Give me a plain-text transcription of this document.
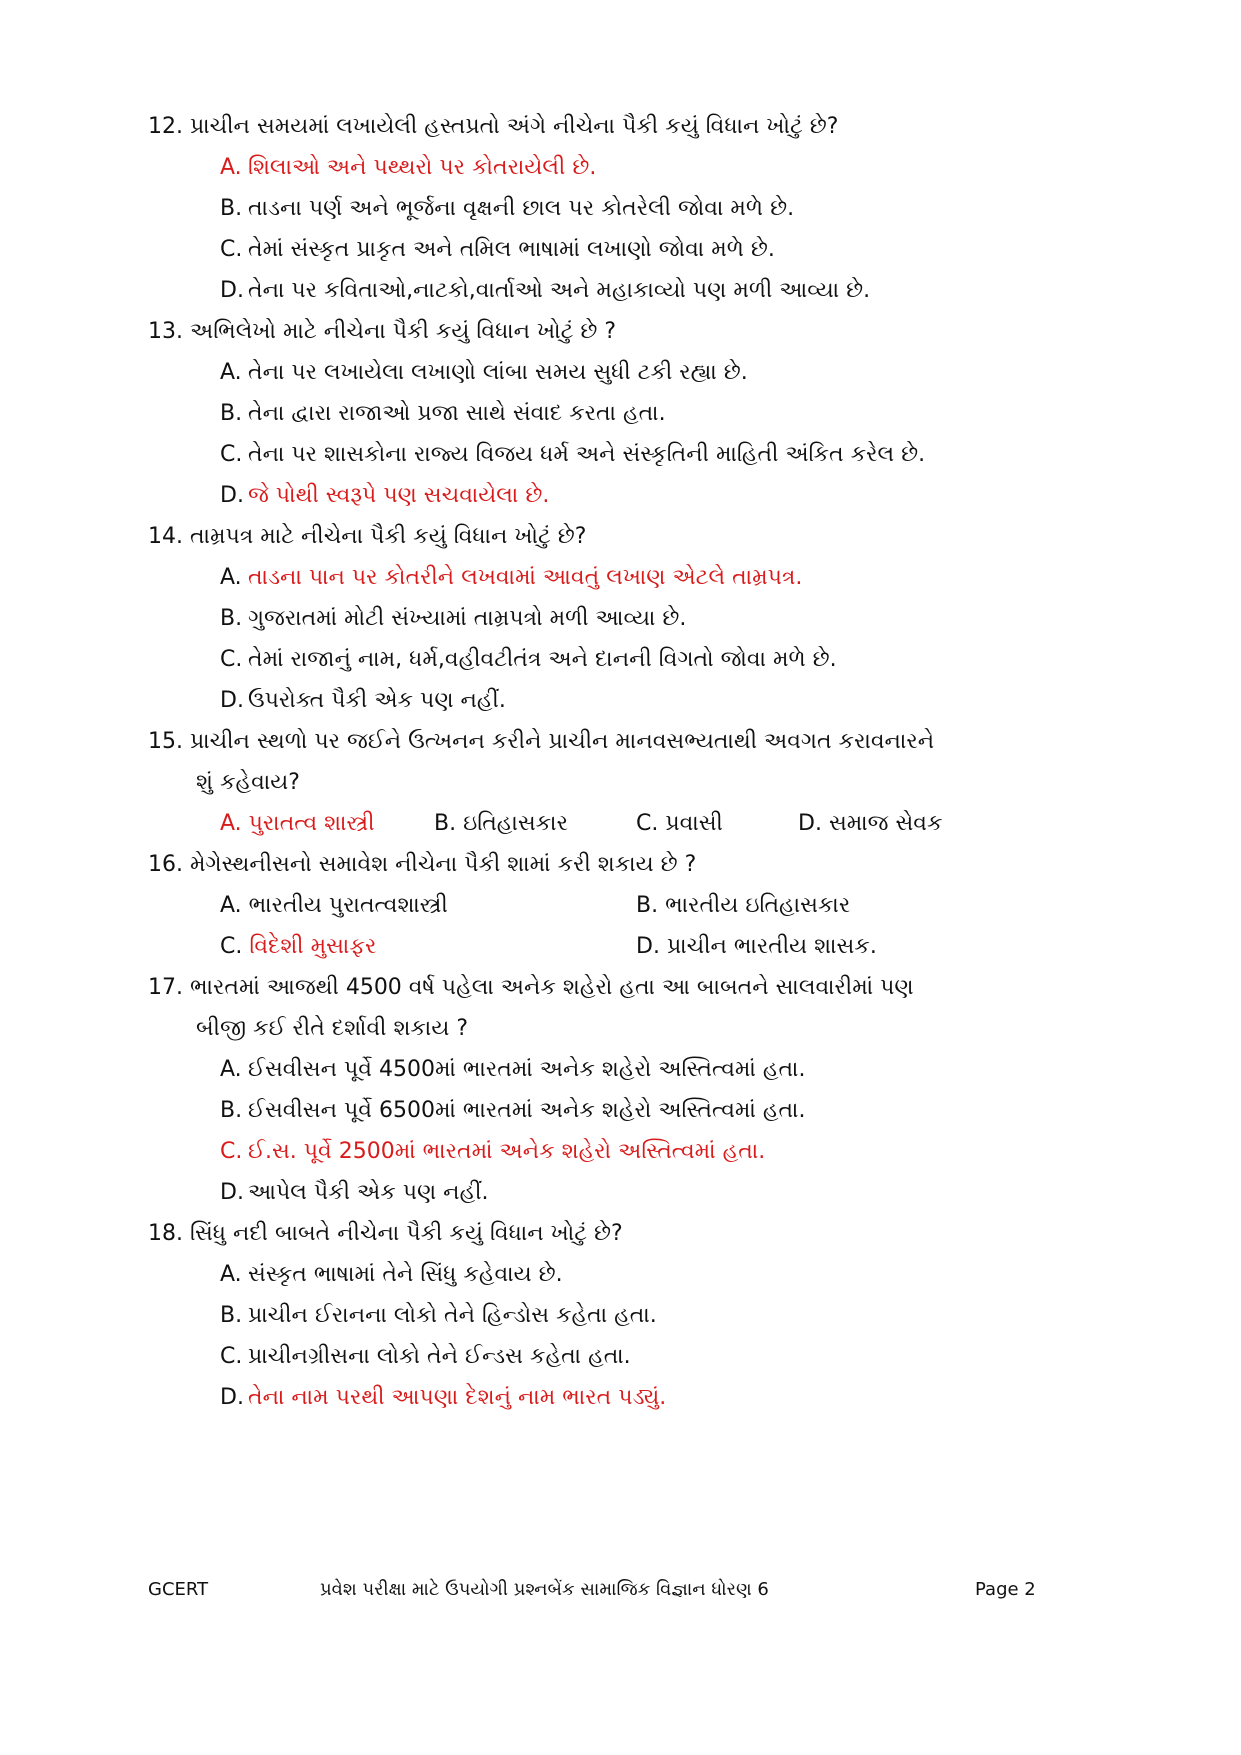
12. પ્રાચીન સમયમાં લખાયેલી હસ્તપ્રતો અંગે નીચેના પૈકી કયું વિધાન ખોટું છે?
A. શિલાઓ અને પથ્થરો પર કોતરાયેલી છે.
B. તાડના પર્ણ અને ભૂર્જના વૃક્ષની છાલ પર કોતરેલી જોવા મળે છે.
C. તેમાં સંસ્કૃત પ્રાકૃત અને તમિલ ભાષામાં લખાણો જોવા મળે છે.
D. તેના પર કવિતાઓ,નાટકો,વાર્તાઓ અને મહાકાવ્યો પણ મળી આવ્યા છે.
13. અભિલેખો માટે નીચેના પૈકી કયું વિધાન ખોટું છે ?
A. તેના પર લખાયેલા લખાણો લાંબા સમય સુધી ટકી રહ્યા છે.
B. તેના દ્વારા રાજાઓ પ્રજા સાથે સંવાદ કરતા હતા.
C. તેના પર શાસકોના રાજ્ય વિજય ધર્મ અને સંસ્કૃતિની માહિતી અંકિત કરેલ છે.
D. જે પોથી સ્વરૂપે પણ સચવાયેલા છે.
14. તામ્રપત્ર માટે નીચેના પૈકી કયું વિધાન ખોટું છે?
A. તાડના પાન પર કોતરીને લખવામાં આવતું લખાણ એટલે તામ્રપત્ર.
B. ગુજરાતમાં મોટી સંખ્યામાં તામ્રપત્રો મળી આવ્યા છે.
C. તેમાં રાજાનું નામ, ધર્મ,વહીવટીતંત્ર અને દાનની વિગતો જોવા મળે છે.
D. ઉપરોક્ત પૈકી એક પણ નહીં.
15. પ્રાચીન સ્થળો પર જઈને ઉત્ખનન કરીને પ્રાચીન માનવસભ્યતાથી અવગત કરાવનારને
શું કહેવાય?
A. પુરાતત્વ શાસ્ત્રી	B. ઇતિહાસકાર	C. પ્રવાસી	D. સમાજ સેવક
16. મેગેસ્થનીસનો સમાવેશ નીચેના પૈકી શામાં કરી શકાય છે ?
A. ભારતીય પુરાતત્વશાસ્ત્રી	B. ભારતીય ઇતિહાસકાર
C. વિદેશી મુસાફર	D. પ્રાચીન ભારતીય શાસક.
17. ભારતમાં આજથી 4500 વર્ષ પહેલા અનેક શહેરો હતા આ બાબતને સાલવારીમાં પણ
બીજી કઈ રીતે દર્શાવી શકાય ?
A. ઈસવીસન પૂર્વે 4500માં ભારતમાં અનેક શહેરો અસ્તિત્વમાં હતા.
B. ઈસવીસન પૂર્વે 6500માં ભારતમાં અનેક શહેરો અસ્તિત્વમાં હતા.
C. ઈ.સ. પૂર્વે 2500માં ભારતમાં અનેક શહેરો અસ્તિત્વમાં હતા.
D. આપેલ પૈકી એક પણ નહીં.
18. સિંધુ નદી બાબતે નીચેના પૈકી કયું વિધાન ખોટું છે?
A. સંસ્કૃત ભાષામાં તેને સિંધુ કહેવાય છે.
B. પ્રાચીન ઈરાનના લોકો તેને હિન્ડોસ કહેતા હતા.
C. પ્રાચીનગ્રીસના લોકો તેને ઈન્ડસ કહેતા હતા.
D. તેના નામ પરથી આપણા દેશનું નામ ભારત પડ્યું.
GCERT	પ્રવેશ પરીક્ષા માટે ઉપયોગી પ્રશ્નબેંક સામાજિક વિજ્ઞાન ધોરણ 6	Page 2
